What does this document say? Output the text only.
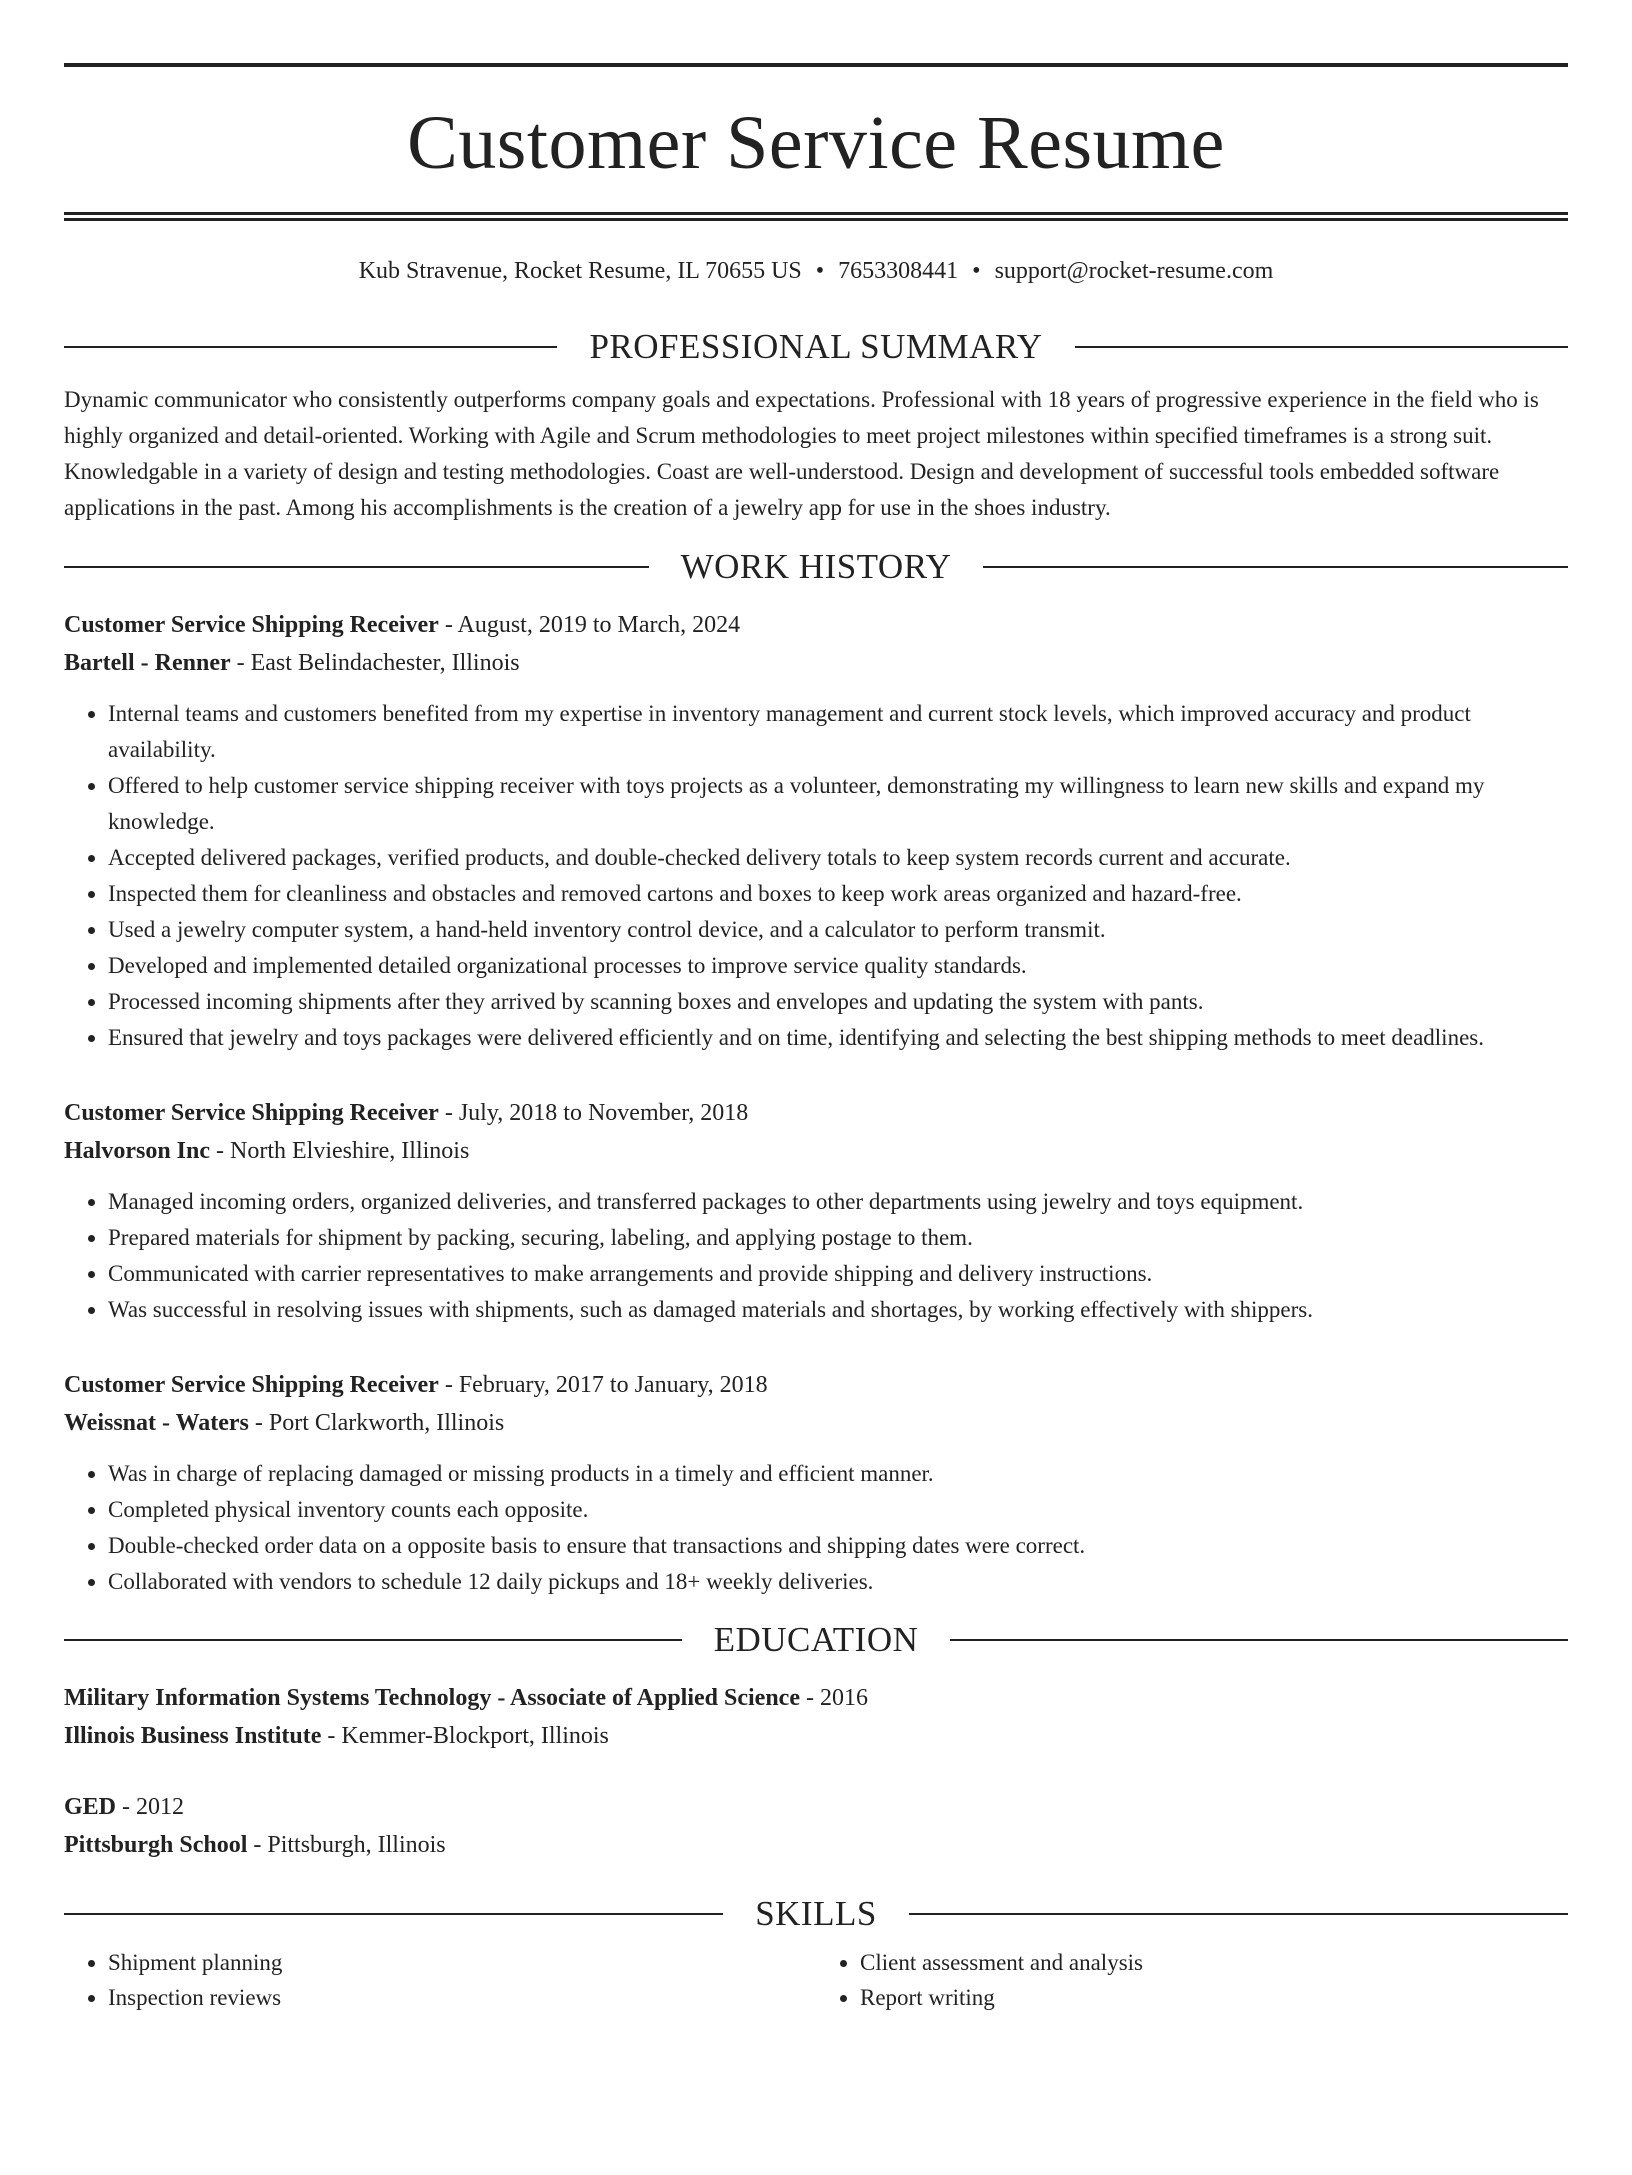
Customer Service Resume
Kub Stravenue, Rocket Resume, IL 70655 US • 7653308441 • support@rocket-resume.com
PROFESSIONAL SUMMARY

Dynamic communicator who consistently outperforms company goals and expectations. Professional with 18 years of progressive experience in the field who is highly organized and detail-oriented. Working with Agile and Scrum methodologies to meet project milestones within specified timeframes is a strong suit. Knowledgable in a variety of design and testing methodologies. Coast are well-understood. Design and development of successful tools embedded software applications in the past. Among his accomplishments is the creation of a jewelry app for use in the shoes industry.

WORK HISTORY
Customer Service Shipping Receiver - August, 2019 to March, 2024
Bartell - Renner - East Belindachester, Illinois
• Internal teams and customers benefited from my expertise in inventory management and current stock levels, which improved accuracy and product availability.
• Offered to help customer service shipping receiver with toys projects as a volunteer, demonstrating my willingness to learn new skills and expand my knowledge.
• Accepted delivered packages, verified products, and double-checked delivery totals to keep system records current and accurate.
• Inspected them for cleanliness and obstacles and removed cartons and boxes to keep work areas organized and hazard-free.
• Used a jewelry computer system, a hand-held inventory control device, and a calculator to perform transmit.
• Developed and implemented detailed organizational processes to improve service quality standards.
• Processed incoming shipments after they arrived by scanning boxes and envelopes and updating the system with pants.
• Ensured that jewelry and toys packages were delivered efficiently and on time, identifying and selecting the best shipping methods to meet deadlines.
Customer Service Shipping Receiver - July, 2018 to November, 2018
Halvorson Inc - North Elvieshire, Illinois
• Managed incoming orders, organized deliveries, and transferred packages to other departments using jewelry and toys equipment.
• Prepared materials for shipment by packing, securing, labeling, and applying postage to them.
• Communicated with carrier representatives to make arrangements and provide shipping and delivery instructions.
• Was successful in resolving issues with shipments, such as damaged materials and shortages, by working effectively with shippers.
Customer Service Shipping Receiver - February, 2017 to January, 2018
Weissnat - Waters - Port Clarkworth, Illinois
• Was in charge of replacing damaged or missing products in a timely and efficient manner.
• Completed physical inventory counts each opposite.
• Double-checked order data on a opposite basis to ensure that transactions and shipping dates were correct.
• Collaborated with vendors to schedule 12 daily pickups and 18+ weekly deliveries.
EDUCATION
Military Information Systems Technology - Associate of Applied Science - 2016
Illinois Business Institute - Kemmer-Blockport, Illinois
GED - 2012
Pittsburgh School - Pittsburgh, Illinois
SKILLS
• Shipment planning
• Inspection reviews
• Client assessment and analysis
• Report writing
